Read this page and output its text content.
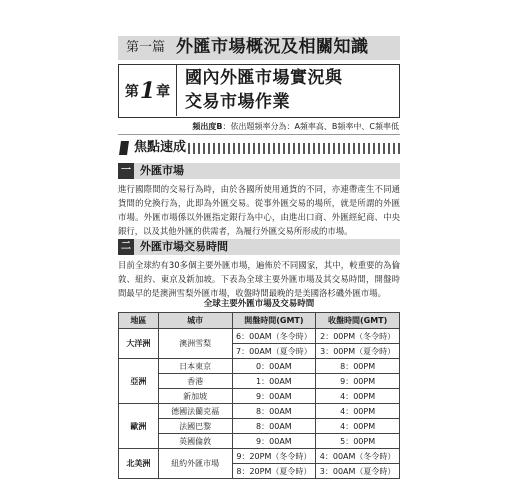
第一篇 外匯市場概況及相關知識
第 1 章
國內外匯市場實況與
交易市場作業
頻出度B：依出題頻率分為：A頻率高、B頻率中、C頻率低
焦點速成
一 外匯市場
進行國際間的交易行為時，由於各國所使用通貨的不同，亦連帶產生不同通貨間的兌換行為，此即為外匯交易。從事外匯交易的場所，就是所謂的外匯市場。外匯市場係以外匯指定銀行為中心，由進出口商、外匯經紀商、中央銀行，以及其他外匯的供需者，為履行外匯交易所形成的市場。
二 外匯市場交易時間
目前全球約有30多個主要外匯市場，遍佈於不同國家，其中，較重要的為倫敦、紐約、東京及新加坡。下表為全球主要外匯市場及其交易時間，開盤時間最早的是澳洲雪梨外匯市場，收盤時間最晚的是美國洛杉磯外匯市場。
全球主要外匯市場及交易時間
地區	城市	開盤時間(GMT)	收盤時間(GMT)
大洋洲	澳洲雪梨	6：00AM（冬令時）	2：00PM（冬令時）
		7：00AM（夏令時）	3：00PM（夏令時）
亞洲	日本東京	0：00AM	8：00PM
	香港	1：00AM	9：00PM
	新加坡	9：00AM	4：00PM
歐洲	德國法蘭克福	8：00AM	4：00PM
	法國巴黎	8：00AM	4：00PM
	英國倫敦	9：00AM	5：00PM
北美洲	紐約外匯市場	9：20PM（冬令時）	4：00AM（冬令時）
		8：20PM（夏令時）	3：00AM（夏令時）
